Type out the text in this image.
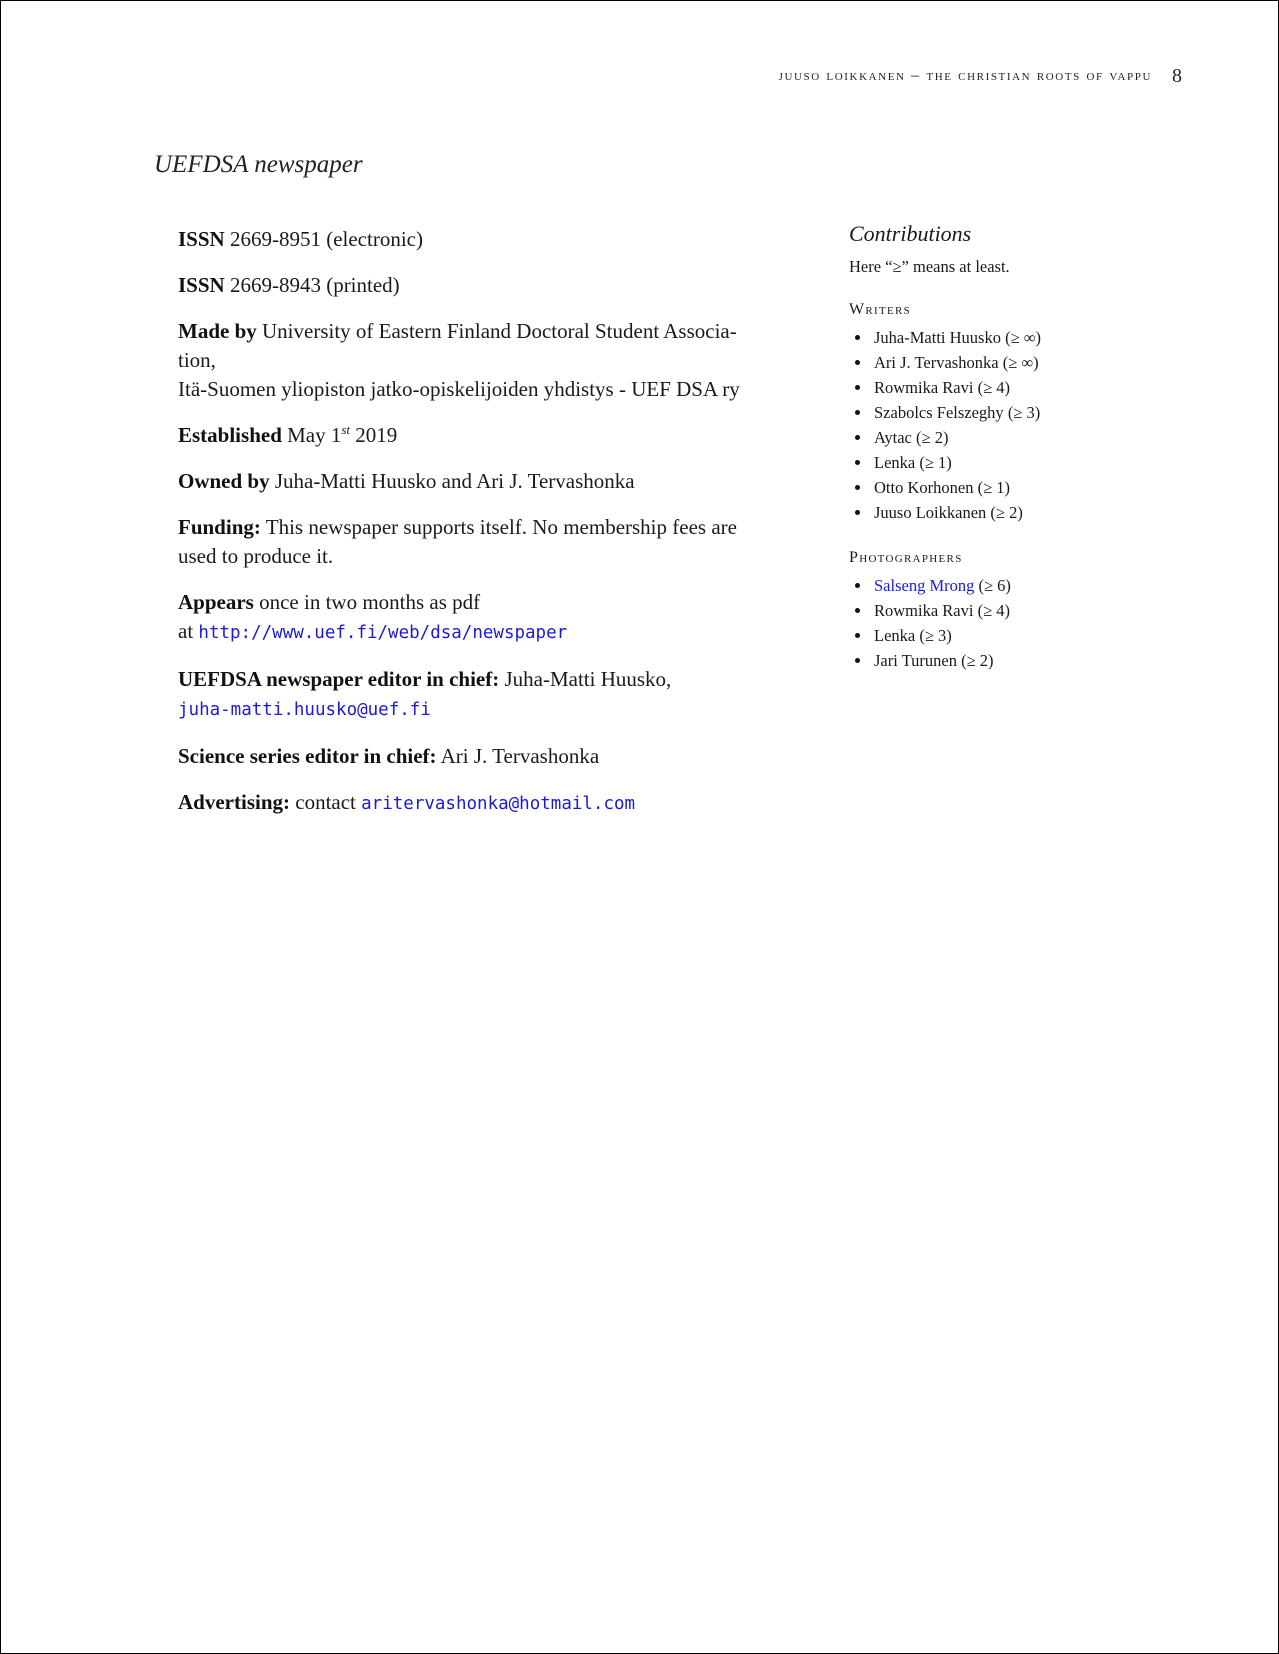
juuso loikkanen – the christian roots of vappu 8
UEFDSA newspaper

ISSN 2669-8951 (electronic)

ISSN 2669-8943 (printed)

Made by University of Eastern Finland Doctoral Student Associa-
tion,
Itä-Suomen yliopiston jatko-opiskelijoiden yhdistys - UEF DSA ry

Established May 1st 2019

Owned by Juha-Matti Huusko and Ari J. Tervashonka

Funding: This newspaper supports itself. No membership fees are
used to produce it.

Appears once in two months as pdf
at http://www.uef.fi/web/dsa/newspaper

UEFDSA newspaper editor in chief: Juha-Matti Huusko,
juha-matti.huusko@uef.fi

Science series editor in chief: Ari J. Tervashonka

Advertising: contact aritervashonka@hotmail.com

Contributions
Here “≥” means at least.
Writers
Juha-Matti Huusko (≥ ∞)
Ari J. Tervashonka (≥ ∞)
Rowmika Ravi (≥ 4)
Szabolcs Felszeghy (≥ 3)
Aytac (≥ 2)
Lenka (≥ 1)
Otto Korhonen (≥ 1)
Juuso Loikkanen (≥ 2)
Photographers
Salseng Mrong (≥ 6)
Rowmika Ravi (≥ 4)
Lenka (≥ 3)
Jari Turunen (≥ 2)
